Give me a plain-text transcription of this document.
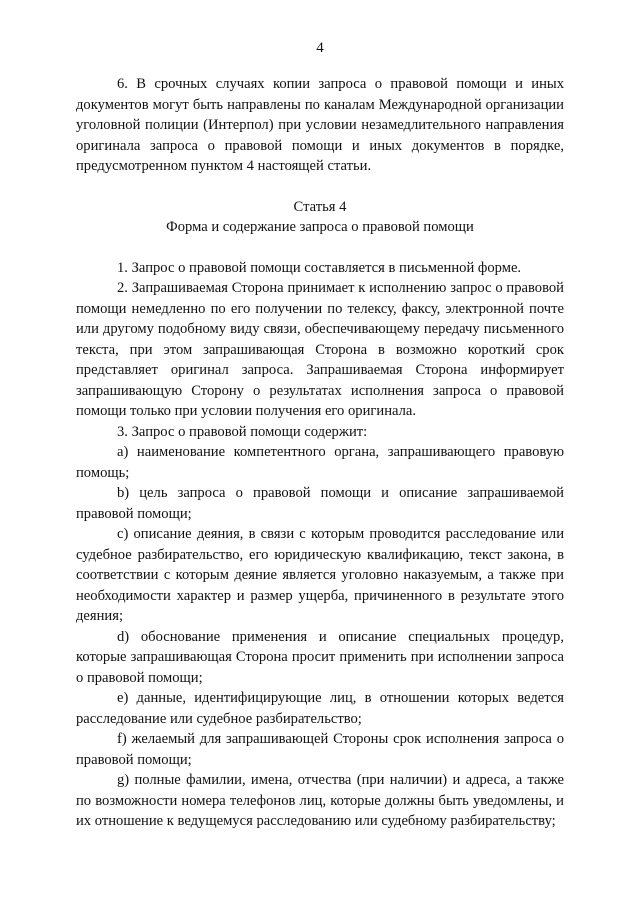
4

6. В срочных случаях копии запроса о правовой помощи и иных документов могут быть направлены по каналам Международной организации уголовной полиции (Интерпол) при условии незамедлительного направления оригинала запроса о правовой помощи и иных документов в порядке, предусмотренном пунктом 4 настоящей статьи.

Статья 4
Форма и содержание запроса о правовой помощи

1. Запрос о правовой помощи составляется в письменной форме.

2. Запрашиваемая Сторона принимает к исполнению запрос о правовой помощи немедленно по его получении по телексу, факсу, электронной почте или другому подобному виду связи, обеспечивающему передачу письменного текста, при этом запрашивающая Сторона в возможно короткий срок представляет оригинал запроса. Запрашиваемая Сторона информирует запрашивающую Сторону о результатах исполнения запроса о правовой помощи только при условии получения его оригинала.

3. Запрос о правовой помощи содержит:

a) наименование компетентного органа, запрашивающего правовую помощь;

b) цель запроса о правовой помощи и описание запрашиваемой правовой помощи;

c) описание деяния, в связи с которым проводится расследование или судебное разбирательство, его юридическую квалификацию, текст закона, в соответствии с которым деяние является уголовно наказуемым, а также при необходимости характер и размер ущерба, причиненного в результате этого деяния;

d) обоснование применения и описание специальных процедур, которые запрашивающая Сторона просит применить при исполнении запроса о правовой помощи;

e) данные, идентифицирующие лиц, в отношении которых ведется расследование или судебное разбирательство;

f) желаемый для запрашивающей Стороны срок исполнения запроса о правовой помощи;

g) полные фамилии, имена, отчества (при наличии) и адреса, а также по возможности номера телефонов лиц, которые должны быть уведомлены, и их отношение к ведущемуся расследованию или судебному разбирательству;
